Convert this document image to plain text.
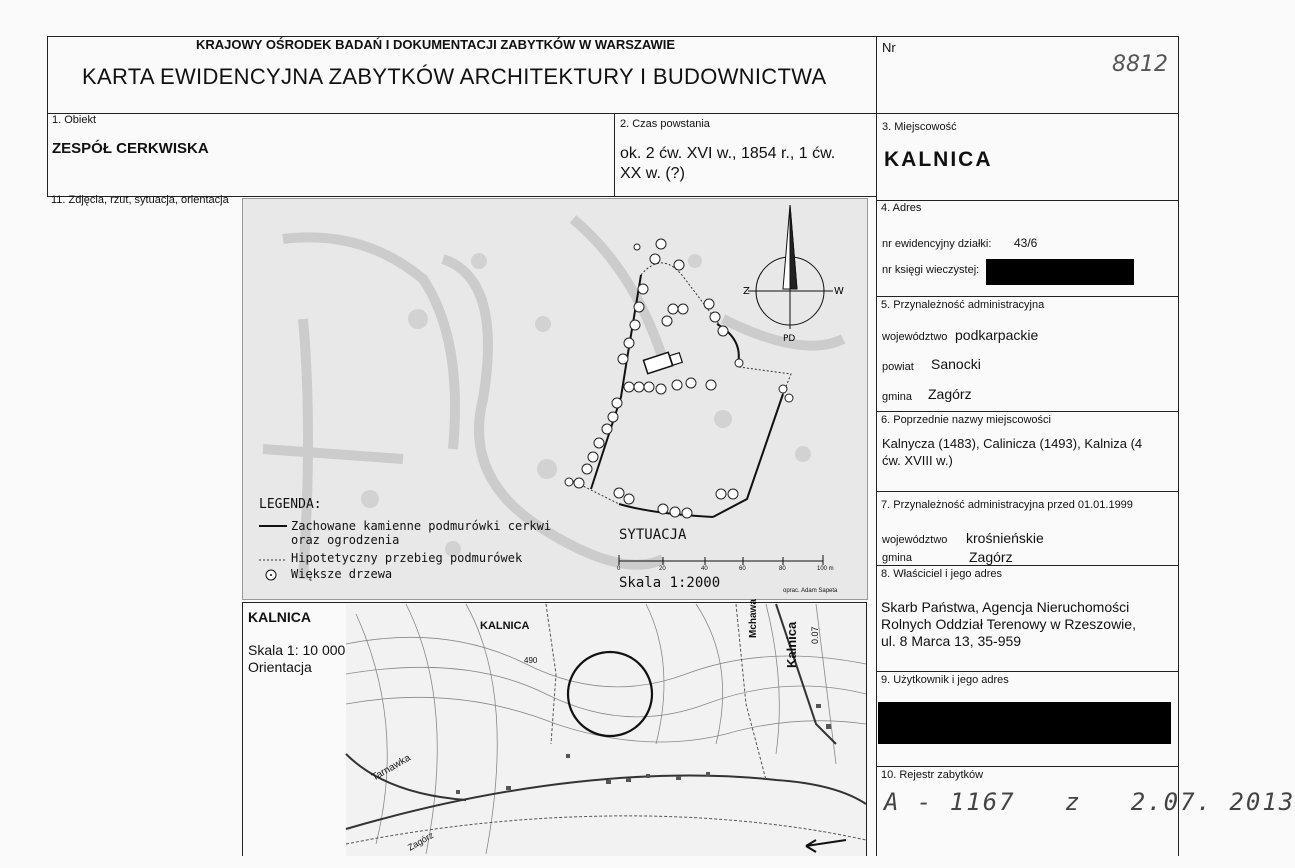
KRAJOWY OŚRODEK BADAŃ I DOKUMENTACJI ZABYTKÓW W WARSZAWIE
KARTA EWIDENCYJNA ZABYTKÓW ARCHITEKTURY I BUDOWNICTWA
Nr
8812
1. Obiekt
ZESPÓŁ CERKWISKA
2. Czas powstania
ok. 2 ćw. XVI w., 1854 r., 1 ćw.
XX w. (?)
3. Miejscowość
KALNICA
11. Zdjęcia, rzut, sytuacja, orientacja
Z	W
PD
LEGENDA:
Zachowane kamienne podmurówki cerkwi
oraz ogrodzenia
Hipotetyczny przebieg podmurówek
Większe drzewa
SYTUACJA
Skala 1:2000
0	20	40	60	80	100 m
oprac. Adam Sapeta
KALNICA
Skala 1: 10 000
Orientacja
KALNICA
490
Mchawa
Kalnica 0.07
Tarnawka
Zagórz
4. Adres
nr ewidencyjny działki: 43/6
nr księgi wieczystej:
5. Przynależność administracyjna
województwo podkarpackie
powiat Sanocki
gmina Zagórz
6. Poprzednie nazwy miejscowości
Kalnycza (1483), Calinicza (1493), Kalniza (4
ćw. XVIII w.)
7. Przynależność administracyjna przed 01.01.1999
województwo krośnieńskie
gmina	Zagórz
8. Właściciel i jego adres
Skarb Państwa, Agencja Nieruchomości
Rolnych Oddział Terenowy w Rzeszowie,
ul. 8 Marca 13, 35-959
9. Użytkownik i jego adres
10. Rejestr zabytków
A - 1167   z   2.07. 2013
